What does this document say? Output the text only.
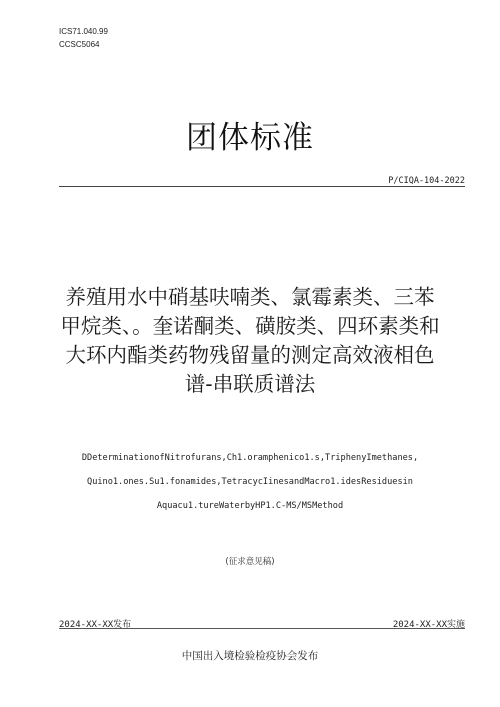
ICS71.040.99
CCSC5064
团体标准
P/CIQA-104-2022
养殖用水中硝基呋喃类、氯霉素类、三苯
甲烷类、。奎诺酮类、磺胺类、四环素类和
大环内酯类药物残留量的测定高效液相色
谱-串联质谱法
DDeterminationofNitrofurans,Ch1.oramphenico1.s,TriphenyImethanes,
Quino1.ones.Su1.fonamides,TetracycIinesandMacro1.idesResiduesin
Aquacu1.tureWaterbyHP1.C-MS/MSMethod
(征求意见稿)
2024-XX-XX发布	2024-XX-XX实施
中国出入境检验检疫协会发布
